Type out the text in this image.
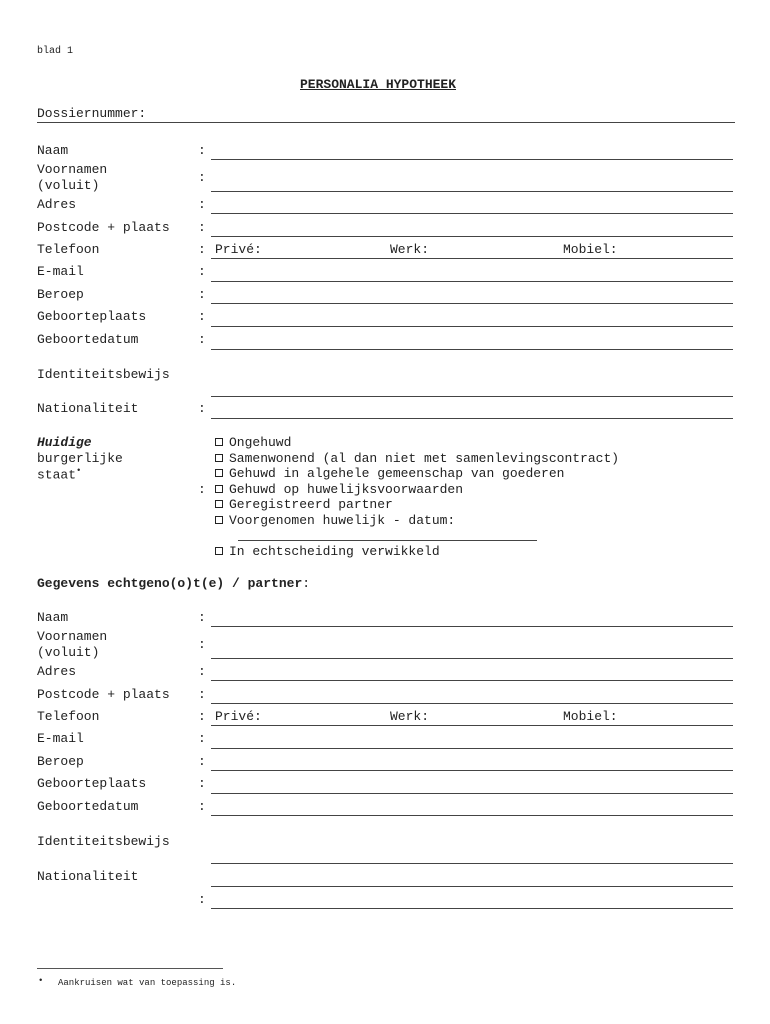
blad 1
PERSONALIA HYPOTHEEK
Dossiernummer:
Naam	:
Voornamen
(voluit)
:
Adres	:
Postcode + plaats :
Telefoon	: Privé:	Werk:	Mobiel:
E-mail	:
Beroep	:
Geboorteplaats	:
Geboortedatum	:
Identiteitsbewijs
Nationaliteit	:
Huidige
burgerlijke
staat•
Ongehuwd
Samenwonend (al dan niet met samenlevingscontract)
Gehuwd in algehele gemeenschap van goederen
:	Gehuwd op huwelijksvoorwaarden
Geregistreerd partner
Voorgenomen huwelijk - datum:
In echtscheiding verwikkeld
Gegevens echtgeno(o)t(e) / partner:
Naam	:
Voornamen
(voluit)
:
Adres	:
Postcode + plaats :
Telefoon	: Privé:	Werk:	Mobiel:
E-mail	:
Beroep	:
Geboorteplaats	:
Geboortedatum	:
Identiteitsbewijs
Nationaliteit
:
• Aankruisen wat van toepassing is.
